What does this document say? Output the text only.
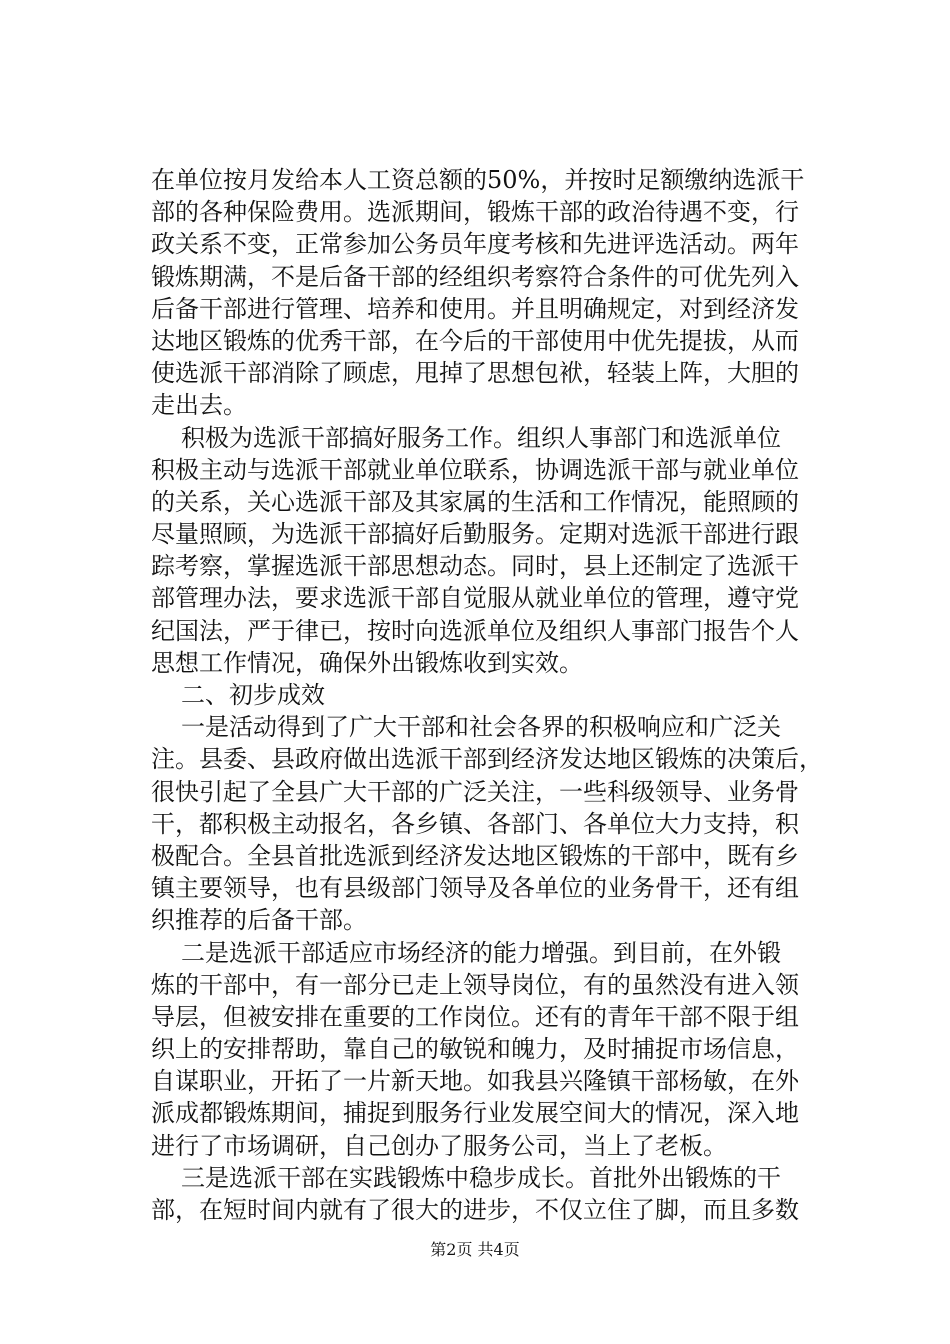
在单位按月发给本人工资总额的50%，并按时足额缴纳选派干
部的各种保险费用。选派期间，锻炼干部的政治待遇不变，行
政关系不变，正常参加公务员年度考核和先进评选活动。两年
锻炼期满，不是后备干部的经组织考察符合条件的可优先列入
后备干部进行管理、培养和使用。并且明确规定，对到经济发
达地区锻炼的优秀干部，在今后的干部使用中优先提拔，从而
使选派干部消除了顾虑，甩掉了思想包袱，轻装上阵，大胆的
走出去。
积极为选派干部搞好服务工作。组织人事部门和选派单位
积极主动与选派干部就业单位联系，协调选派干部与就业单位
的关系，关心选派干部及其家属的生活和工作情况，能照顾的
尽量照顾，为选派干部搞好后勤服务。定期对选派干部进行跟
踪考察，掌握选派干部思想动态。同时，县上还制定了选派干
部管理办法，要求选派干部自觉服从就业单位的管理，遵守党
纪国法，严于律已，按时向选派单位及组织人事部门报告个人
思想工作情况，确保外出锻炼收到实效。
二、初步成效
一是活动得到了广大干部和社会各界的积极响应和广泛关
注。县委、县政府做出选派干部到经济发达地区锻炼的决策后，
很快引起了全县广大干部的广泛关注，一些科级领导、业务骨
干，都积极主动报名，各乡镇、各部门、各单位大力支持，积
极配合。全县首批选派到经济发达地区锻炼的干部中，既有乡
镇主要领导，也有县级部门领导及各单位的业务骨干，还有组
织推荐的后备干部。
二是选派干部适应市场经济的能力增强。到目前，在外锻
炼的干部中，有一部分已走上领导岗位，有的虽然没有进入领
导层，但被安排在重要的工作岗位。还有的青年干部不限于组
织上的安排帮助，靠自己的敏锐和魄力，及时捕捉市场信息，
自谋职业，开拓了一片新天地。如我县兴隆镇干部杨敏，在外
派成都锻炼期间，捕捉到服务行业发展空间大的情况，深入地
进行了市场调研，自己创办了服务公司，当上了老板。
三是选派干部在实践锻炼中稳步成长。首批外出锻炼的干
部，在短时间内就有了很大的进步，不仅立住了脚，而且多数
第2页 共4页
